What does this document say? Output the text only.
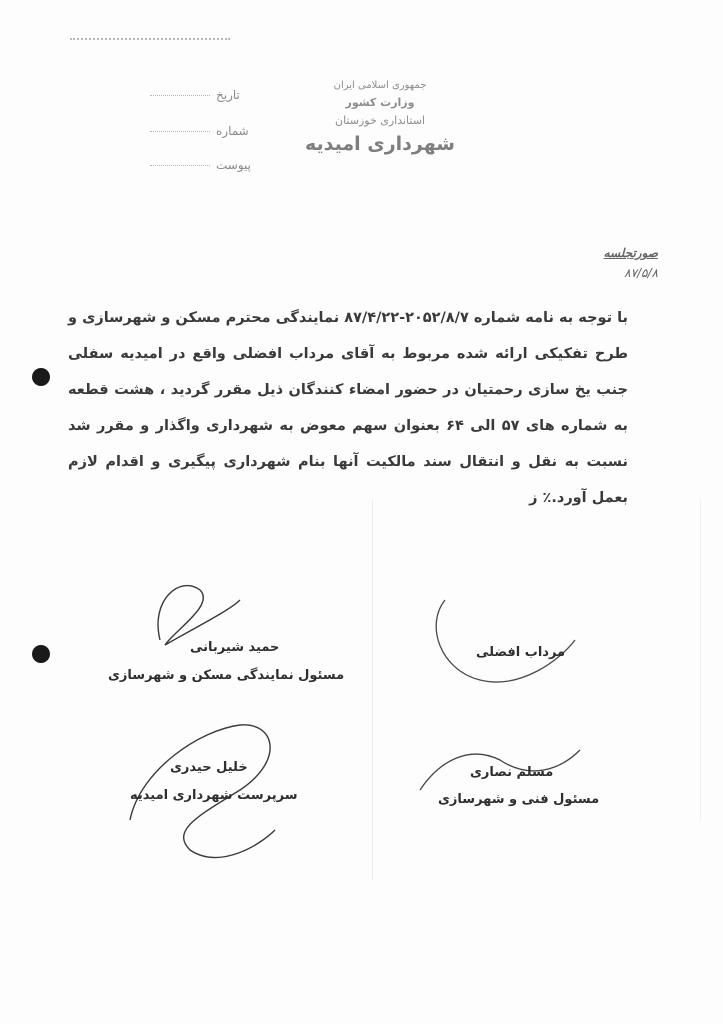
تاریخ
شماره
پیوست
جمهوری اسلامی ایران
وزارت کشور
استانداری خوزستان
شهرداری امیدیه
صورتجلسه
۸۷/۵/۸
با توجه به نامه شماره ۲۰۵۲/۸/۷-۸۷/۴/۲۲ نمایندگی محترم مسکن و شهرسازی و طرح تفکیکی ارائه شده مربوط به آقای مرداب افضلی واقع در امیدیه سفلی جنب یخ سازی رحمتیان در حضور امضاء کنندگان ذیل مقرر گردید ، هشت قطعه به شماره های ۵۷ الی ۶۴ بعنوان سهم معوض به شهرداری واگذار و مقرر شد نسبت به نقل و انتقال سند مالکیت آنها بنام شهرداری پیگیری و اقدام لازم بعمل آورد.٪ ز
حمید شیربانی
مسئول نمایندگی مسکن و شهرسازی
مرداب افضلی
خلیل حیدری
سرپرست شهرداری امیدیه
مسلم نصاری
مسئول فنی و شهرسازی
